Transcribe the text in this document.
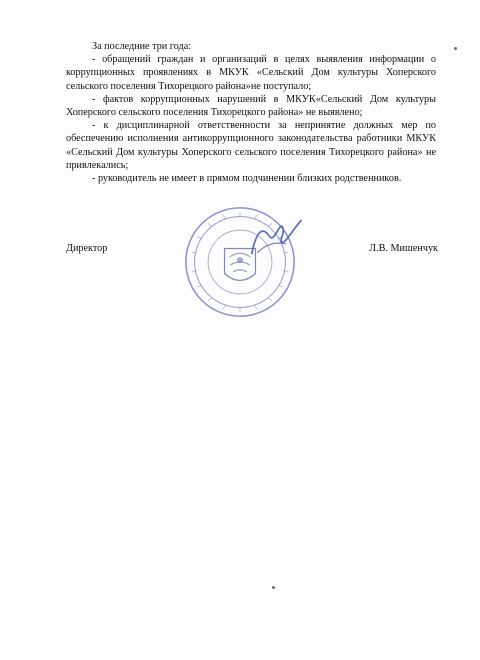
За последние три года:

- обращений граждан и организаций в целях выявления информации о коррупционных проявлениях в МКУК «Сельский Дом культуры Хоперского сельского поселения Тихорецкого района»не поступало;

- фактов коррупционных нарушений в МКУК«Сельский Дом культуры Хоперского сельского поселения Тихорецкого района» не выявлено;

- к дисциплинарной ответственности за непринятие должных мер по обеспечению исполнения антикоррупционного законодательства работники МКУК «Сельский Дом культуры Хоперского сельского поселения Тихорецкого района» не привлекались;

- руководитель не имеет в прямом подчинении близких родственников.

Директор	Л.В. Мишенчук
